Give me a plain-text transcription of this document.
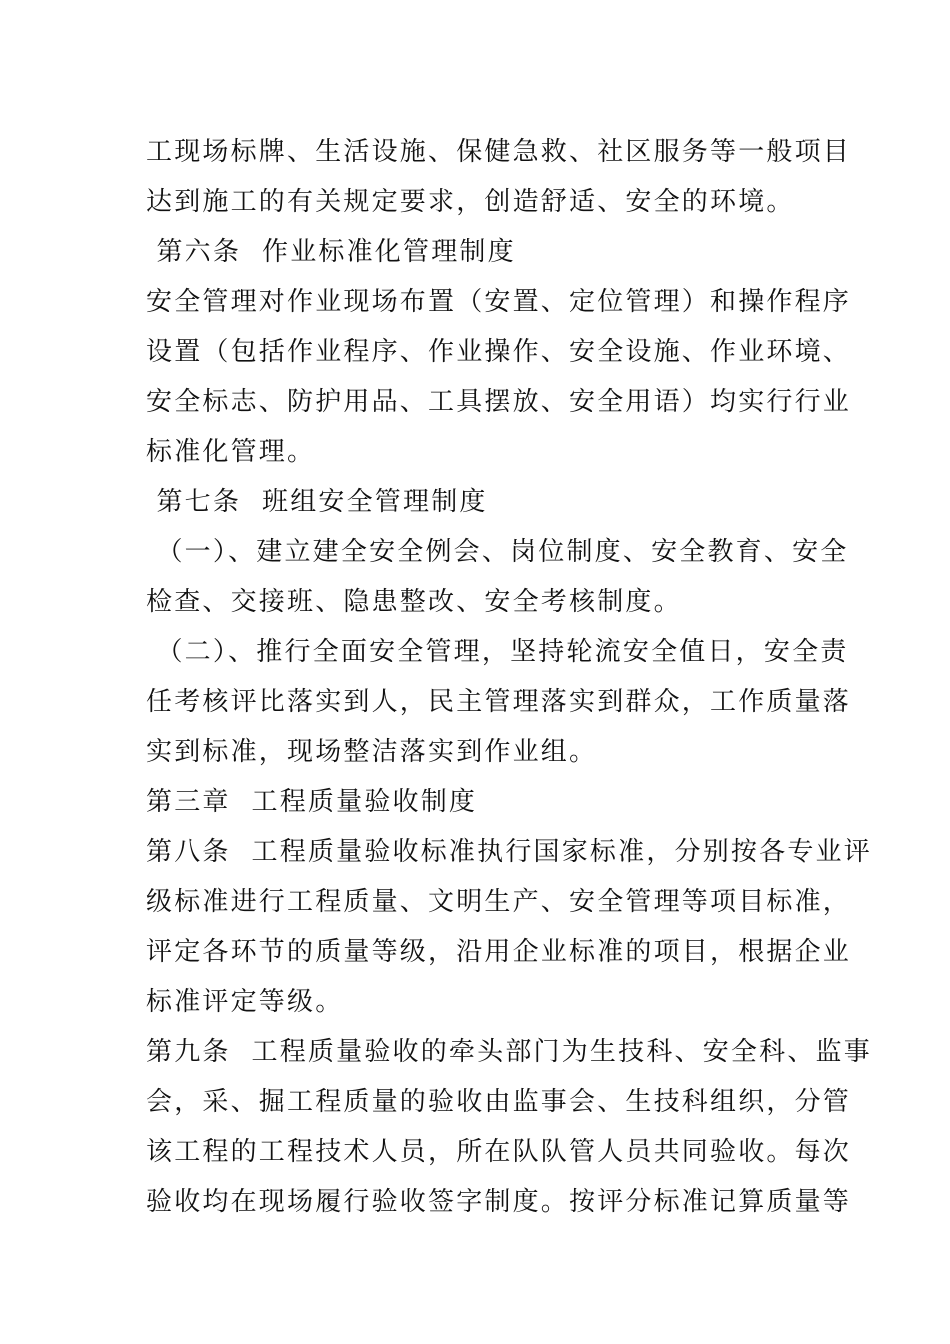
工现场标牌、生活设施、保健急救、社区服务等一般项目
达到施工的有关规定要求，创造舒适、安全的环境。
第六条  作业标准化管理制度
安全管理对作业现场布置（安置、定位管理）和操作程序
设置（包括作业程序、作业操作、安全设施、作业环境、
安全标志、防护用品、工具摆放、安全用语）均实行行业
标准化管理。
第七条  班组安全管理制度
（一）、建立建全安全例会、岗位制度、安全教育、安全
检查、交接班、隐患整改、安全考核制度。
（二）、推行全面安全管理，坚持轮流安全值日，安全责
任考核评比落实到人，民主管理落实到群众，工作质量落
实到标准，现场整洁落实到作业组。
第三章  工程质量验收制度
第八条  工程质量验收标准执行国家标准，分别按各专业评
级标准进行工程质量、文明生产、安全管理等项目标准，
评定各环节的质量等级，沿用企业标准的项目，根据企业
标准评定等级。
第九条  工程质量验收的牵头部门为生技科、安全科、监事
会，采、掘工程质量的验收由监事会、生技科组织，分管
该工程的工程技术人员，所在队队管人员共同验收。每次
验收均在现场履行验收签字制度。按评分标准记算质量等
